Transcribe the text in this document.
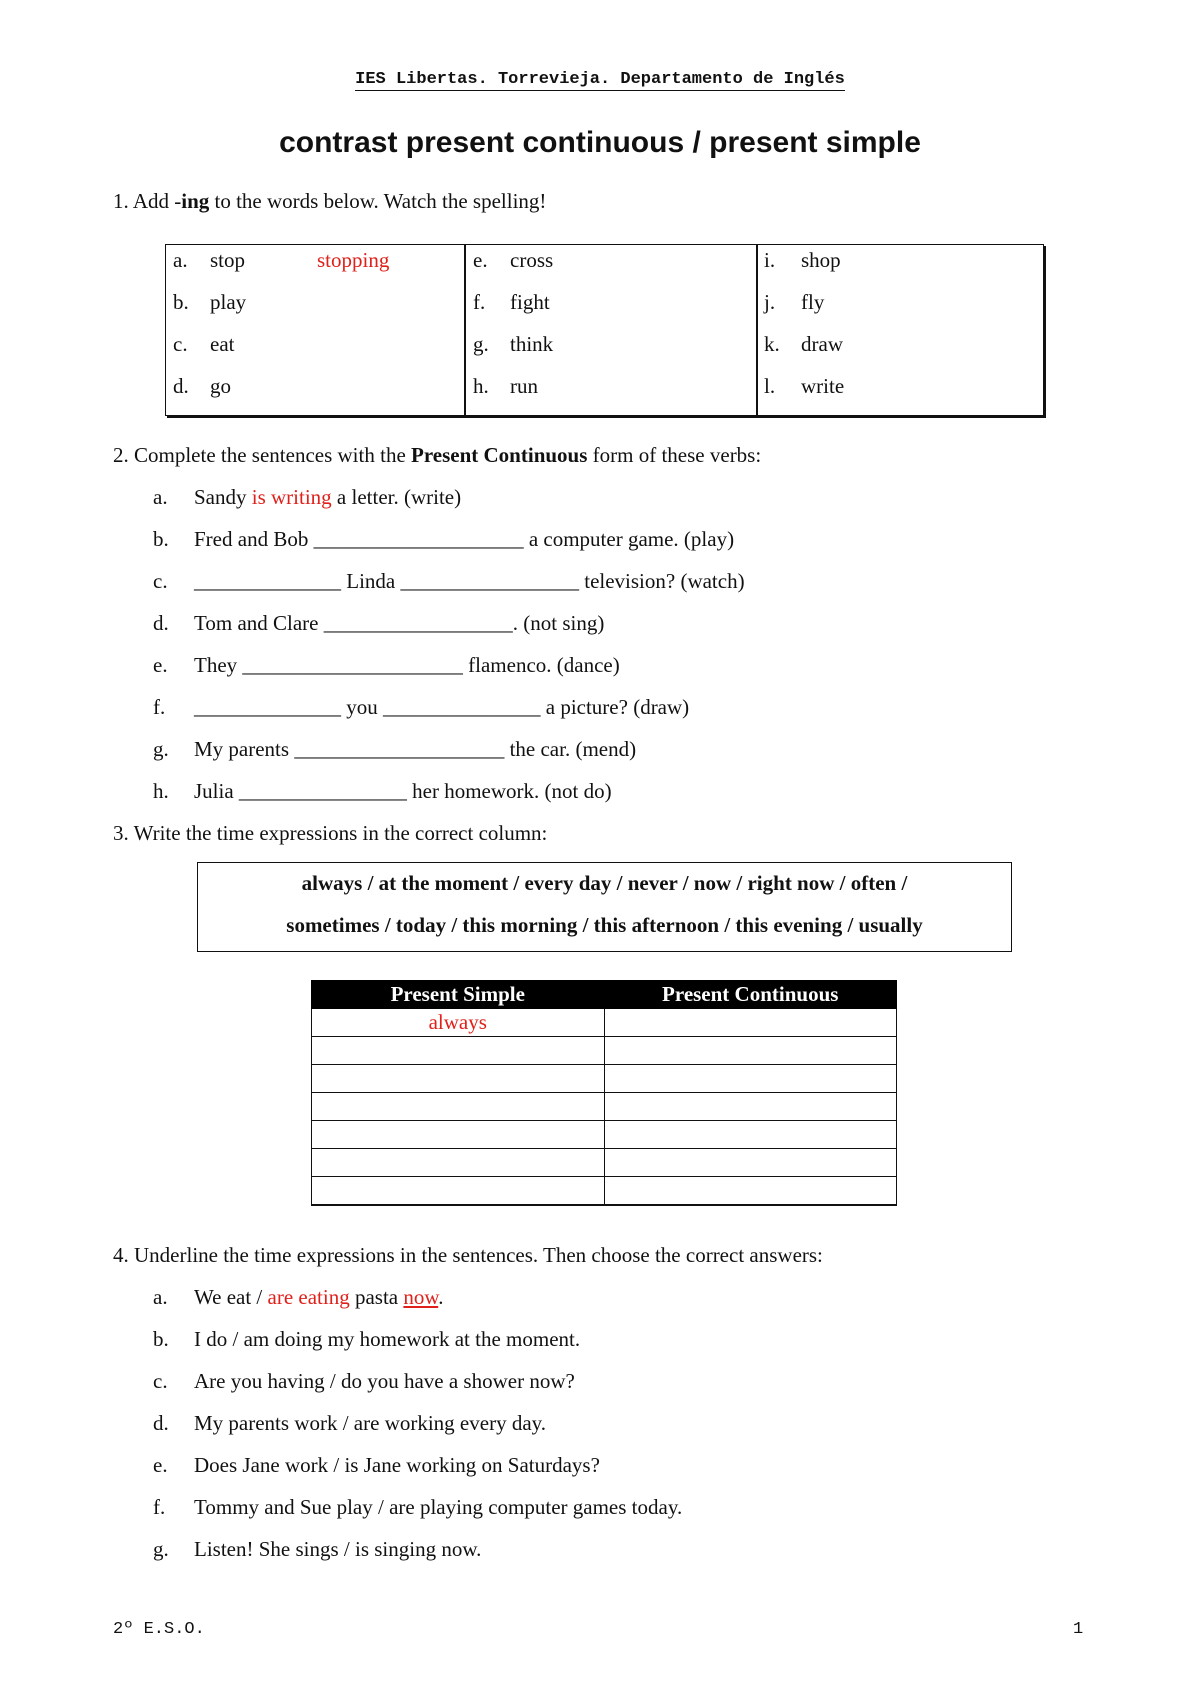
IES Libertas. Torrevieja. Departamento de Inglés
contrast present continuous / present simple
1. Add -ing to the words below. Watch the spelling!
a. stop	stopping
b. play
c. eat
d. go
e. cross
f. fight
g. think
h. run
i. shop
j. fly
k. draw
l. write
2. Complete the sentences with the Present Continuous form of these verbs:
a. Sandy is writing a letter. (write)
b. Fred and Bob ____________________ a computer game. (play)
c. ______________ Linda _________________ television? (watch)
d. Tom and Clare __________________. (not sing)
e. They _____________________ flamenco. (dance)
f. ______________ you _______________ a picture? (draw)
g. My parents ____________________ the car. (mend)
h. Julia ________________ her homework. (not do)
3. Write the time expressions in the correct column:
always / at the moment / every day / never / now / right now / often /
sometimes / today / this morning / this afternoon / this evening / usually
Present Simple	Present Continuous
always	

4. Underline the time expressions in the sentences. Then choose the correct answers:
a. We eat / are eating pasta now.
b. I do / am doing my homework at the moment.
c. Are you having / do you have a shower now?
d. My parents work / are working every day.
e. Does Jane work / is Jane working on Saturdays?
f. Tommy and Sue play / are playing computer games today.
g. Listen! She sings / is singing now.
2º E.S.O.	1
